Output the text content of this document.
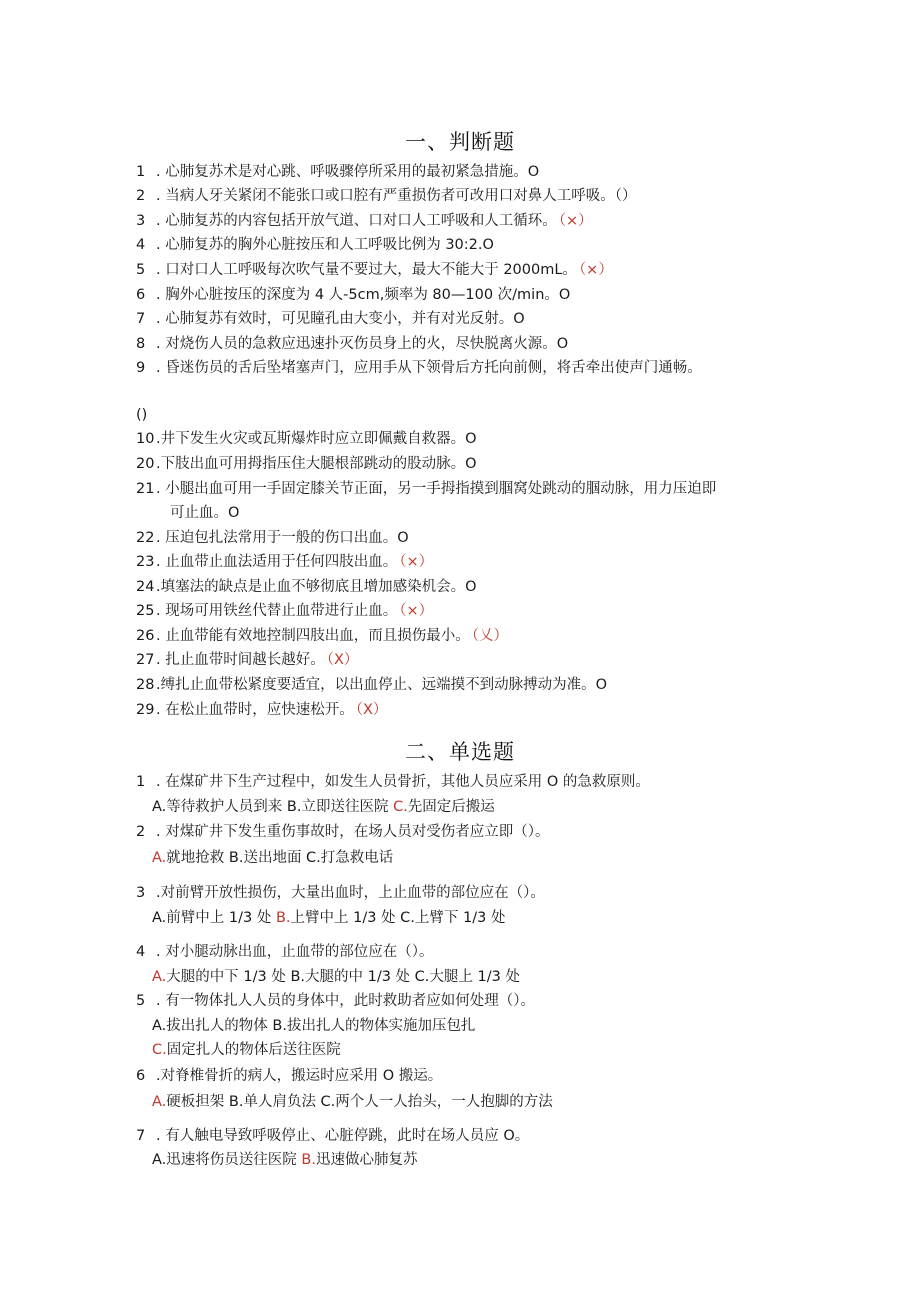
一、判断题
1 . 心肺复苏术是对心跳、呼吸骤停所采用的最初紧急措施。O
2 . 当病人牙关紧闭不能张口或口腔有严重损伤者可改用口对鼻人工呼吸。（）
3 . 心肺复苏的内容包括开放气道、口对口人工呼吸和人工循环。 （×）
4 . 心肺复苏的胸外心脏按压和人工呼吸比例为 30:2.O
5 . 口对口人工呼吸每次吹气量不要过大，最大不能大于 2000mL。 （×）
6 . 胸外心脏按压的深度为 4 人-5cm,频率为 80—100 次/min。O
7 . 心肺复苏有效时，可见瞳孔由大变小，并有对光反射。O
8 . 对烧伤人员的急救应迅速扑灭伤员身上的火，尽快脱离火源。O
9 . 昏迷伤员的舌后坠堵塞声门，应用手从下领骨后方托向前侧，将舌牵出使声门通畅。
()
10 .井下发生火灾或瓦斯爆炸时应立即佩戴自救器。O
20 .下肢出血可用拇指压住大腿根部跳动的股动脉。O
21 . 小腿出血可用一手固定膝关节正面，另一手拇指摸到腘窝处跳动的腘动脉，用力压迫即
可止血。O
22 . 压迫包扎法常用于一般的伤口出血。O
23 . 止血带止血法适用于任何四肢出血。 （×）
24 .填塞法的缺点是止血不够彻底且增加感染机会。O
25 . 现场可用铁丝代替止血带进行止血。 （×）
26 . 止血带能有效地控制四肢出血，而且损伤最小。 （乂）
27 . 扎止血带时间越长越好。 （X）
28 .缚扎止血带松紧度要适宜，以出血停止、远端摸不到动脉搏动为准。O
29 . 在松止血带时，应快速松开。 （X）
二、单选题
1 . 在煤矿井下生产过程中，如发生人员骨折，其他人员应采用 O 的急救原则。
A.等待救护人员到来 B.立即送往医院 C.先固定后搬运
2 . 对煤矿井下发生重伤事故时，在场人员对受伤者应立即（）。
A.就地抢救 B.送出地面 C.打急救电话
3 .对前臂开放性损伤，大量出血时，上止血带的部位应在（）。
A.前臂中上 1/3 处 B.上臂中上 1/3 处 C.上臂下 1/3 处
4 . 对小腿动脉出血，止血带的部位应在（）。
A.大腿的中下 1/3 处 B.大腿的中 1/3 处 C.大腿上 1/3 处
5 . 有一物体扎人人员的身体中，此时救助者应如何处理（）。
A.拔出扎人的物体 B.拔出扎人的物体实施加压包扎
C.固定扎人的物体后送往医院
6 .对脊椎骨折的病人，搬运时应采用 O 搬运。
A.硬板担架 B.单人肩负法 C.两个人一人抬头，一人抱脚的方法
7 . 有人触电导致呼吸停止、心脏停跳，此时在场人员应 O。
A.迅速将伤员送往医院 B.迅速做心肺复苏
